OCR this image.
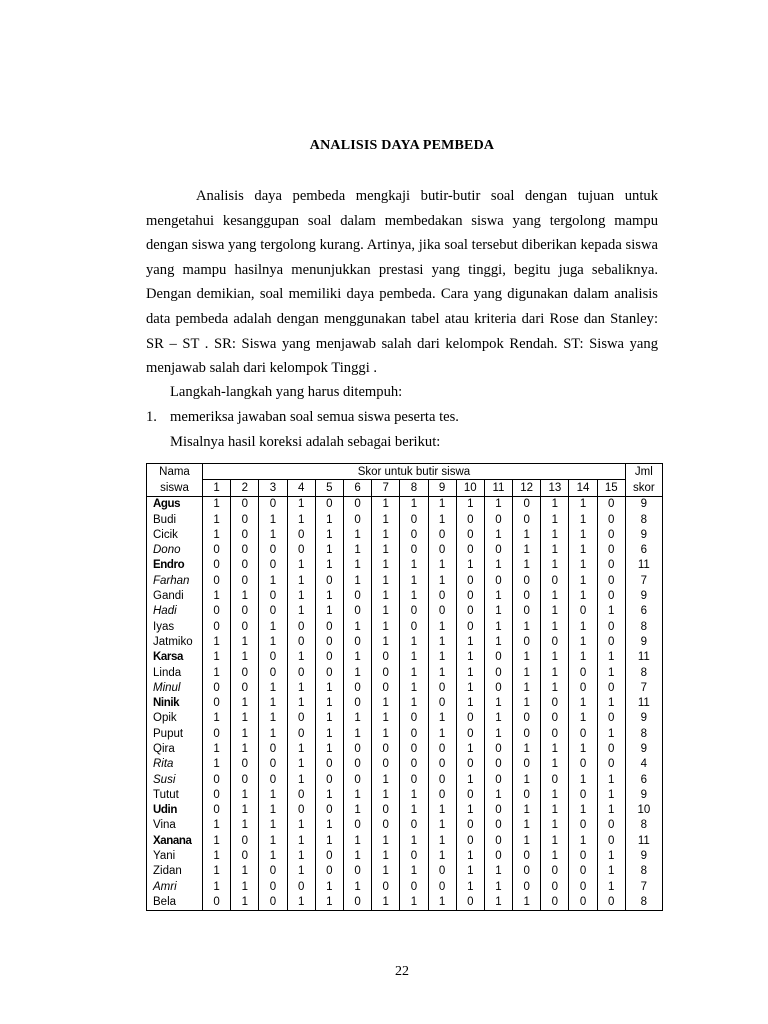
ANALISIS DAYA PEMBEDA

Analisis daya pembeda mengkaji butir-butir soal dengan tujuan untuk mengetahui kesanggupan soal dalam membedakan siswa yang tergolong mampu dengan siswa yang tergolong kurang. Artinya, jika soal tersebut diberikan kepada siswa yang mampu hasilnya menunjukkan prestasi yang tinggi, begitu juga sebaliknya. Dengan demikian, soal memiliki daya pembeda. Cara yang digunakan dalam analisis data pembeda adalah dengan menggunakan tabel atau kriteria dari Rose dan Stanley: SR – ST . SR: Siswa yang menjawab salah dari kelompok Rendah. ST: Siswa yang menjawab salah dari kelompok Tinggi .

Langkah-langkah yang harus ditempuh:
1. memeriksa jawaban soal semua siswa peserta tes.
Misalnya hasil koreksi adalah sebagai berikut:
Nama	Skor untuk butir siswa															Jml
siswa	1	2	3	4	5	6	7	8	9	10	11	12	13	14	15	skor
Agus	1	0	0	1	0	0	1	1	1	1	1	0	1	1	0	9
Budi	1	0	1	1	1	0	1	0	1	0	0	0	1	1	0	8
Cicik	1	0	1	0	1	1	1	0	0	0	1	1	1	1	0	9
Dono	0	0	0	0	1	1	1	0	0	0	0	1	1	1	0	6
Endro	0	0	0	1	1	1	1	1	1	1	1	1	1	1	0	11
Farhan	0	0	1	1	0	1	1	1	1	0	0	0	0	1	0	7
Gandi	1	1	0	1	1	0	1	1	0	0	1	0	1	1	0	9
Hadi	0	0	0	1	1	0	1	0	0	0	1	0	1	0	1	6
Iyas	0	0	1	0	0	1	1	0	1	0	1	1	1	1	0	8
Jatmiko	1	1	1	0	0	0	1	1	1	1	1	0	0	1	0	9
Karsa	1	1	0	1	0	1	0	1	1	1	0	1	1	1	1	11
Linda	1	0	0	0	0	1	0	1	1	1	0	1	1	0	1	8
Minul	0	0	1	1	1	0	0	1	0	1	0	1	1	0	0	7
Ninik	0	1	1	1	1	0	1	1	0	1	1	1	0	1	1	11
Opik	1	1	1	0	1	1	1	0	1	0	1	0	0	1	0	9
Puput	0	1	1	0	1	1	1	0	1	0	1	0	0	0	1	8
Qira	1	1	0	1	1	0	0	0	0	1	0	1	1	1	0	9
Rita	1	0	0	1	0	0	0	0	0	0	0	0	1	0	0	4
Susi	0	0	0	1	0	0	1	0	0	1	0	1	0	1	1	6
Tutut	0	1	1	0	1	1	1	1	0	0	1	0	1	0	1	9
Udin	0	1	1	0	0	1	0	1	1	1	0	1	1	1	1	10
Vina	1	1	1	1	1	0	0	0	1	0	0	1	1	0	0	8
Xanana	1	0	1	1	1	1	1	1	1	0	0	1	1	1	0	11
Yani	1	0	1	1	0	1	1	0	1	1	0	0	1	0	1	9
Zidan	1	1	0	1	0	0	1	1	0	1	1	0	0	0	1	8
Amri	1	1	0	0	1	1	0	0	0	1	1	0	0	0	1	7
Bela	0	1	0	1	1	0	1	1	1	0	1	1	0	0	0	8
22
